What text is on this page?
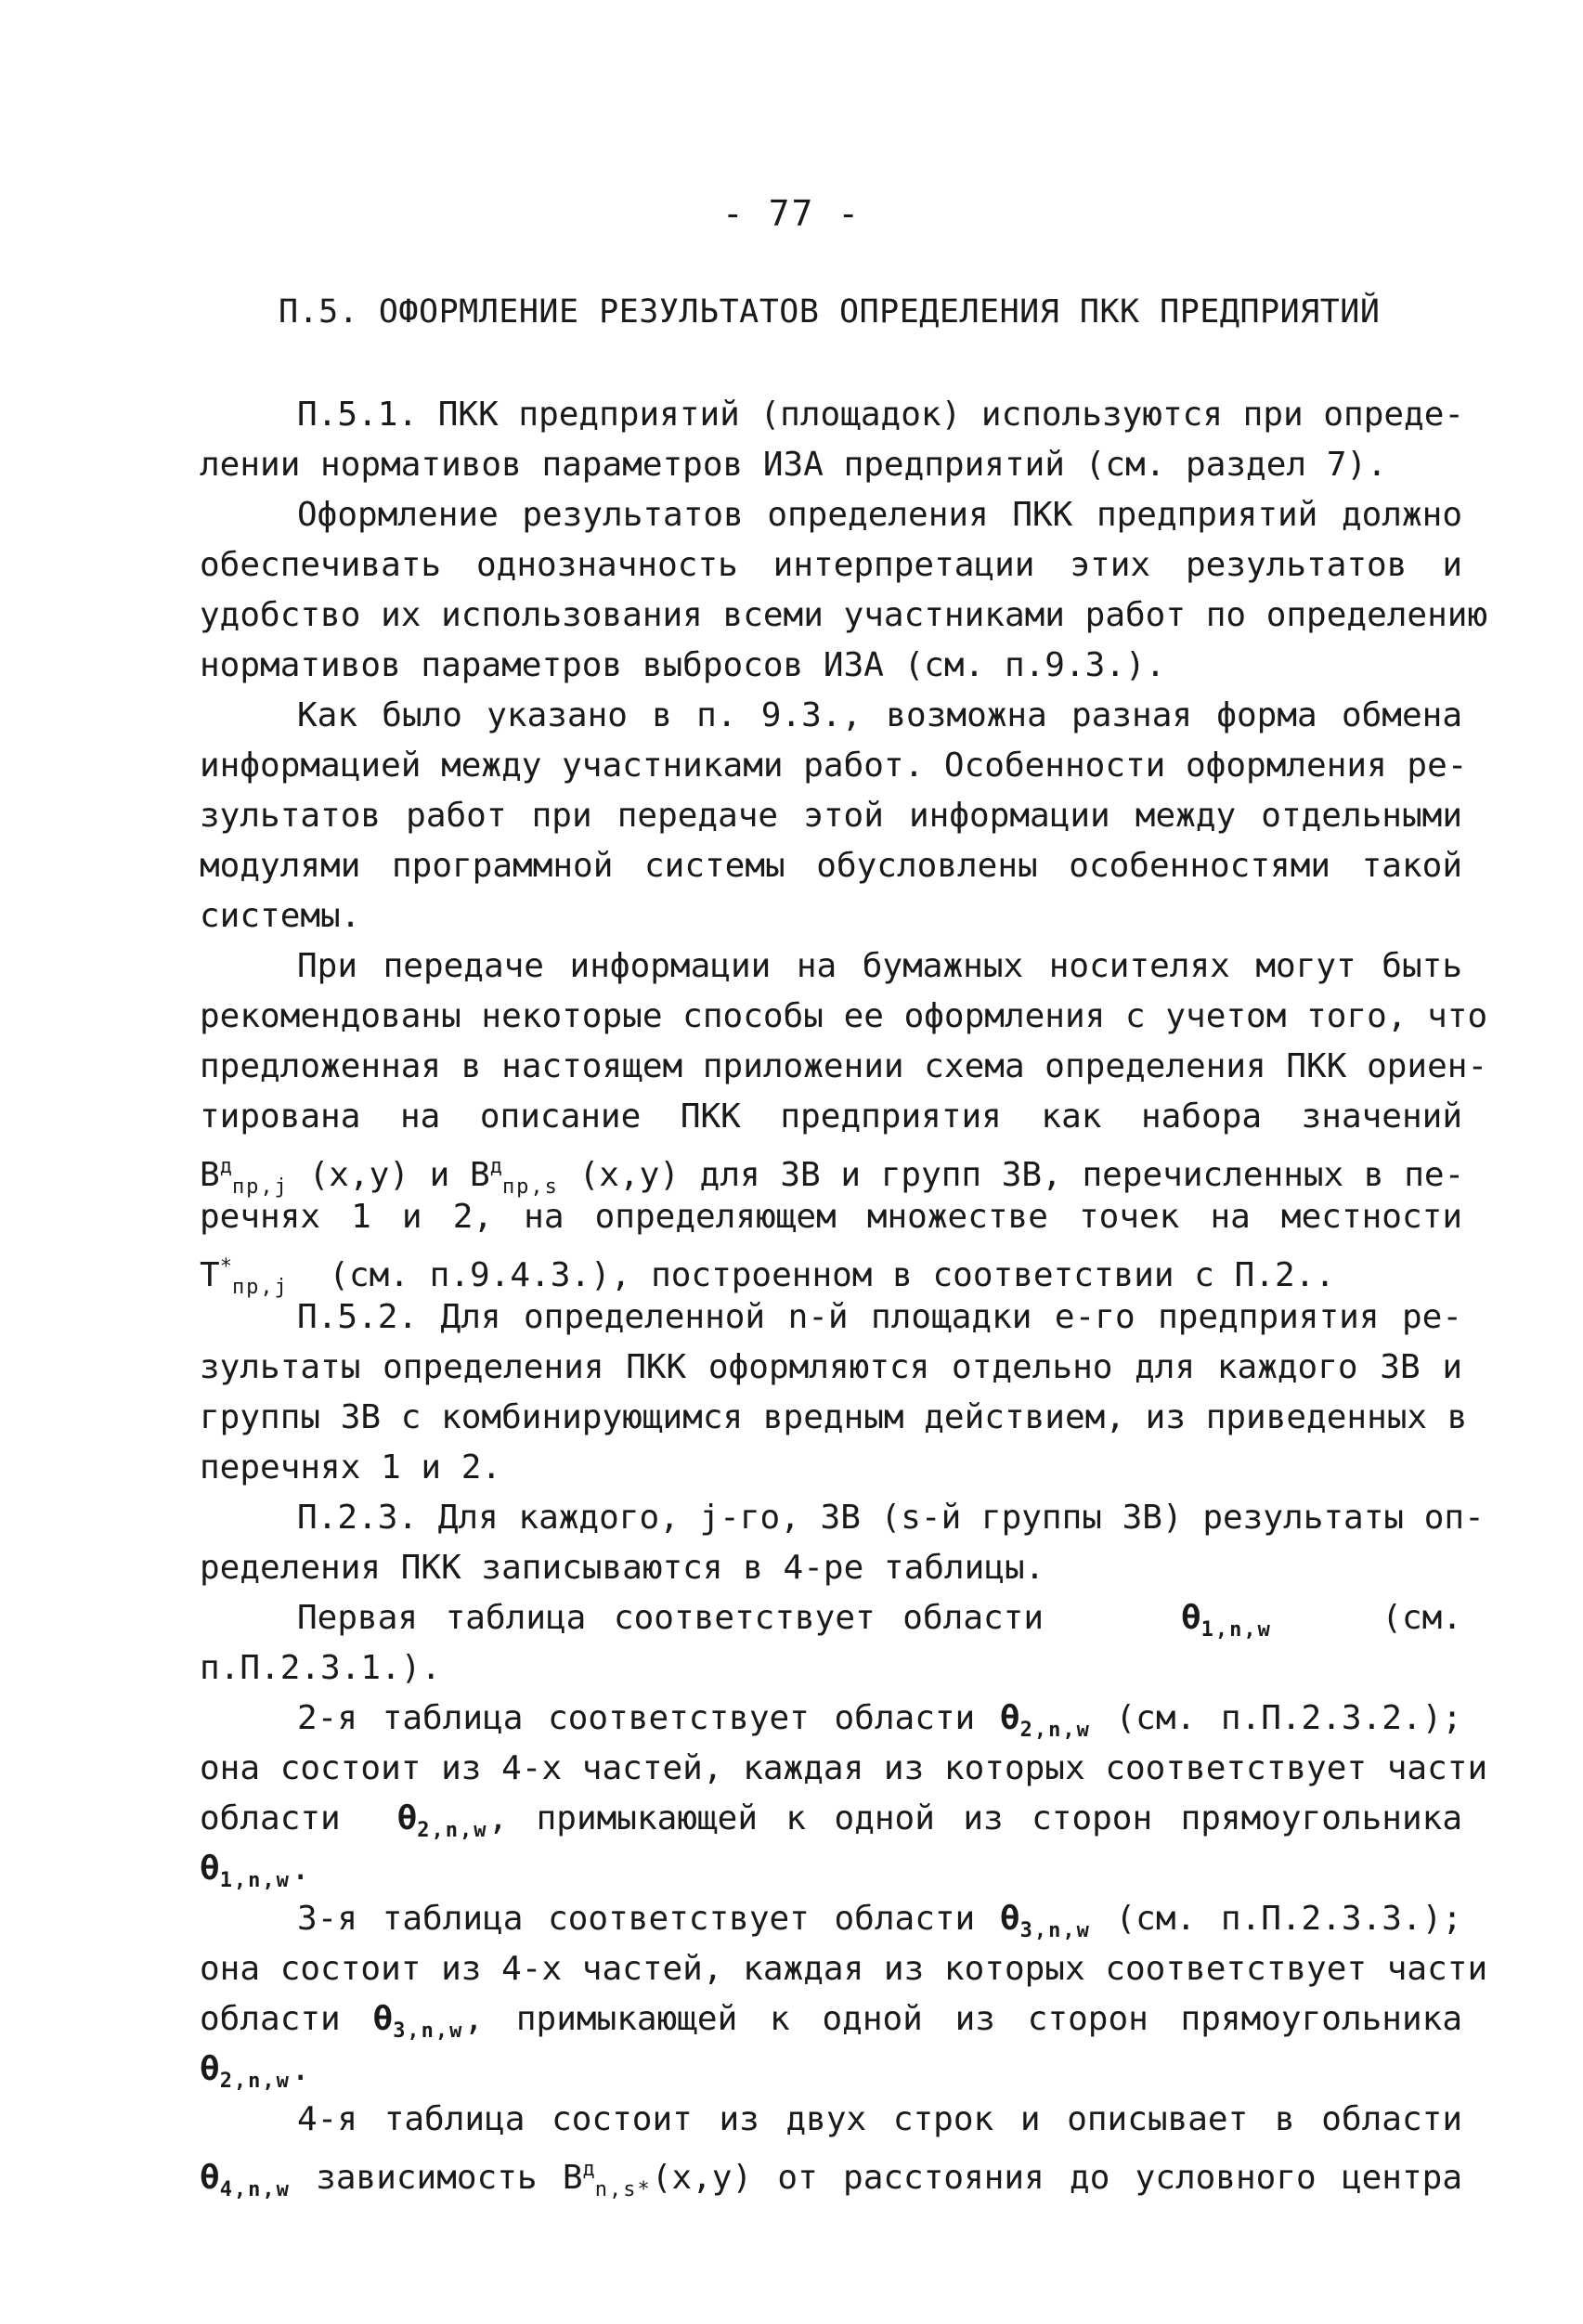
- 77 -
П.5. ОФОРМЛЕНИЕ РЕЗУЛЬТАТОВ ОПРЕДЕЛЕНИЯ ПКК ПРЕДПРИЯТИЙ
П.5.1. ПКК предприятий (площадок) используются при опреде-
лении нормативов параметров ИЗА предприятий (см. раздел 7).
Оформление результатов определения ПКК предприятий должно
обеспечивать однозначность интерпретации этих результатов и
удобство их использования всеми участниками работ по определению
нормативов параметров выбросов ИЗА (см. п.9.3.).
Как было указано в п. 9.3., возможна разная форма обмена
информацией между участниками работ. Особенности оформления ре-
зультатов работ при передаче этой информации между отдельными
модулями программной системы обусловлены особенностями такой
системы.
При передаче информации на бумажных носителях могут быть
рекомендованы некоторые способы ее оформления с учетом того, что
предложенная в настоящем приложении схема определения ПКК ориен-
тирована на описание ПКК предприятия как набора значений
$В^д_{пр,j}$ (x,y) и $В^д_{пр,s}$ (x,y) для ЗВ и групп ЗВ, перечисленных в пе-
речнях 1 и 2, на определяющем множестве точек на местности
$Т^*_{пр,j}$ (см. п.9.4.3.), построенном в соответствии с П.2..
П.5.2. Для определенной n-й площадки e-го предприятия ре-
зультаты определения ПКК оформляются отдельно для каждого ЗВ и
группы ЗВ с комбинирующимся вредным действием, из приведенных в
перечнях 1 и 2.
П.2.3. Для каждого, j-го, ЗВ (s-й группы ЗВ) результаты оп-
ределения ПКК записываются в 4-ре таблицы.
Первая таблица соответствует области	$\theta_{1,n,w}$	(см.
п.П.2.3.1.).
2-я таблица соответствует области $\theta_{2,n,w}$ (см. п.П.2.3.2.);
она состоит из 4-х частей, каждая из которых соответствует части
области $\theta_{2,n,w}$, примыкающей к одной из сторон прямоугольника
$\theta_{1,n,w}$.
3-я таблица соответствует области $\theta_{3,n,w}$ (см. п.П.2.3.3.);
она состоит из 4-х частей, каждая из которых соответствует части
области $\theta_{3,n,w}$, примыкающей к одной из сторон прямоугольника
$\theta_{2,n,w}$.
4-я таблица состоит из двух строк и описывает в области
$\theta_{4,n,w}$ зависимость $В^д_{n,s*}(x,y)$ от расстояния до условного центра
